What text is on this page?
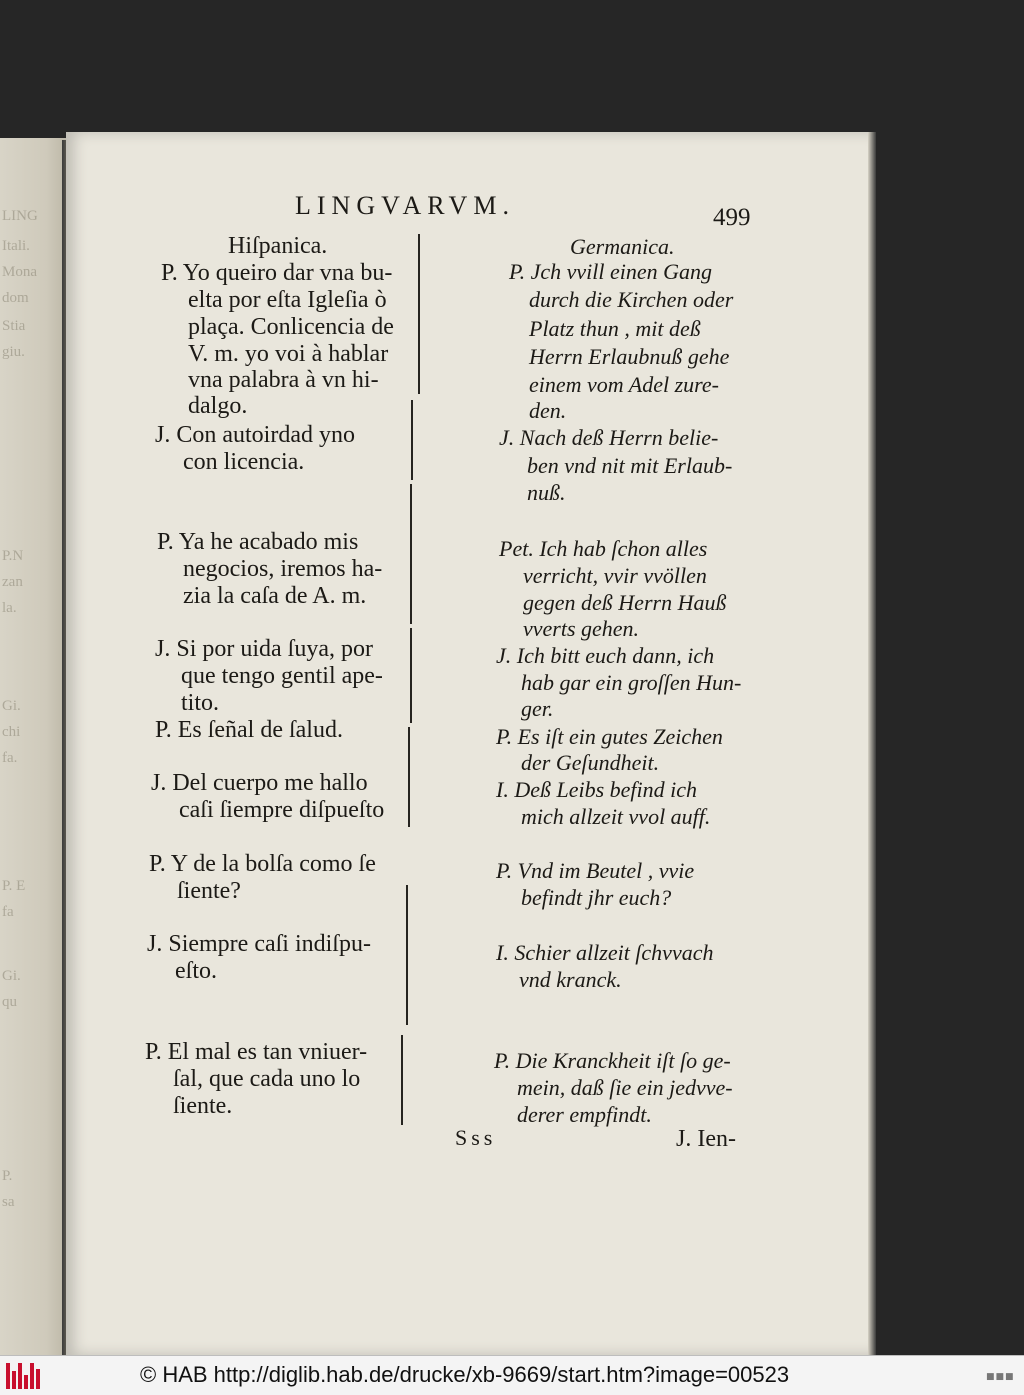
LING
Itali.
Mona
dom
Stia
giu.
P.N
zan
la.
Gi.
chi
fa.
P. E
fa
Gi.
qu
P.
sa
LINGVARVM.	499
Hiſpanica.	Germanica.
P. Yo queiro dar vna bu-
elta por eſta Igleſia ò
plaça. Conlicencia de
V. m. yo voi à hablar
vna palabra à vn hi-
dalgo.
J. Con autoirdad yno
con licencia.
P. Ya he acabado mis
negocios, iremos ha-
zia la caſa de A. m.
J. Si por uida ſuya, por
que tengo gentil ape-
tito.
P. Es ſeñal de ſalud.
J. Del cuerpo me hallo
caſi ſiempre diſpueſto
P. Y de la bolſa como ſe
ſiente?
J. Siempre caſi indiſpu-
eſto.
P. El mal es tan vniuer-
ſal, que cada uno lo
ſiente.
P. Jch vvill einen Gang
durch die Kirchen oder
Platz thun , mit deß
Herrn Erlaubnuß gehe
einem vom Adel zure-
den.
J. Nach deß Herrn belie-
ben vnd nit mit Erlaub-
nuß.
Pet. Ich hab ſchon alles
verricht, vvir vvöllen
gegen deß Herrn Hauß
vverts gehen.
J. Ich bitt euch dann, ich
hab gar ein groſſen Hun-
ger.
P. Es iſt ein gutes Zeichen
der Geſundheit.
I. Deß Leibs befind ich
mich allzeit vvol auff.
P. Vnd im Beutel , vvie
befindt jhr euch?
I. Schier allzeit ſchvvach
vnd kranck.
P. Die Kranckheit iſt ſo ge-
mein, daß ſie ein jedvve-
derer empfindt.
Sss	J. Ien-
© HAB http://diglib.hab.de/drucke/xb-9669/start.htm?image=00523	■■■
